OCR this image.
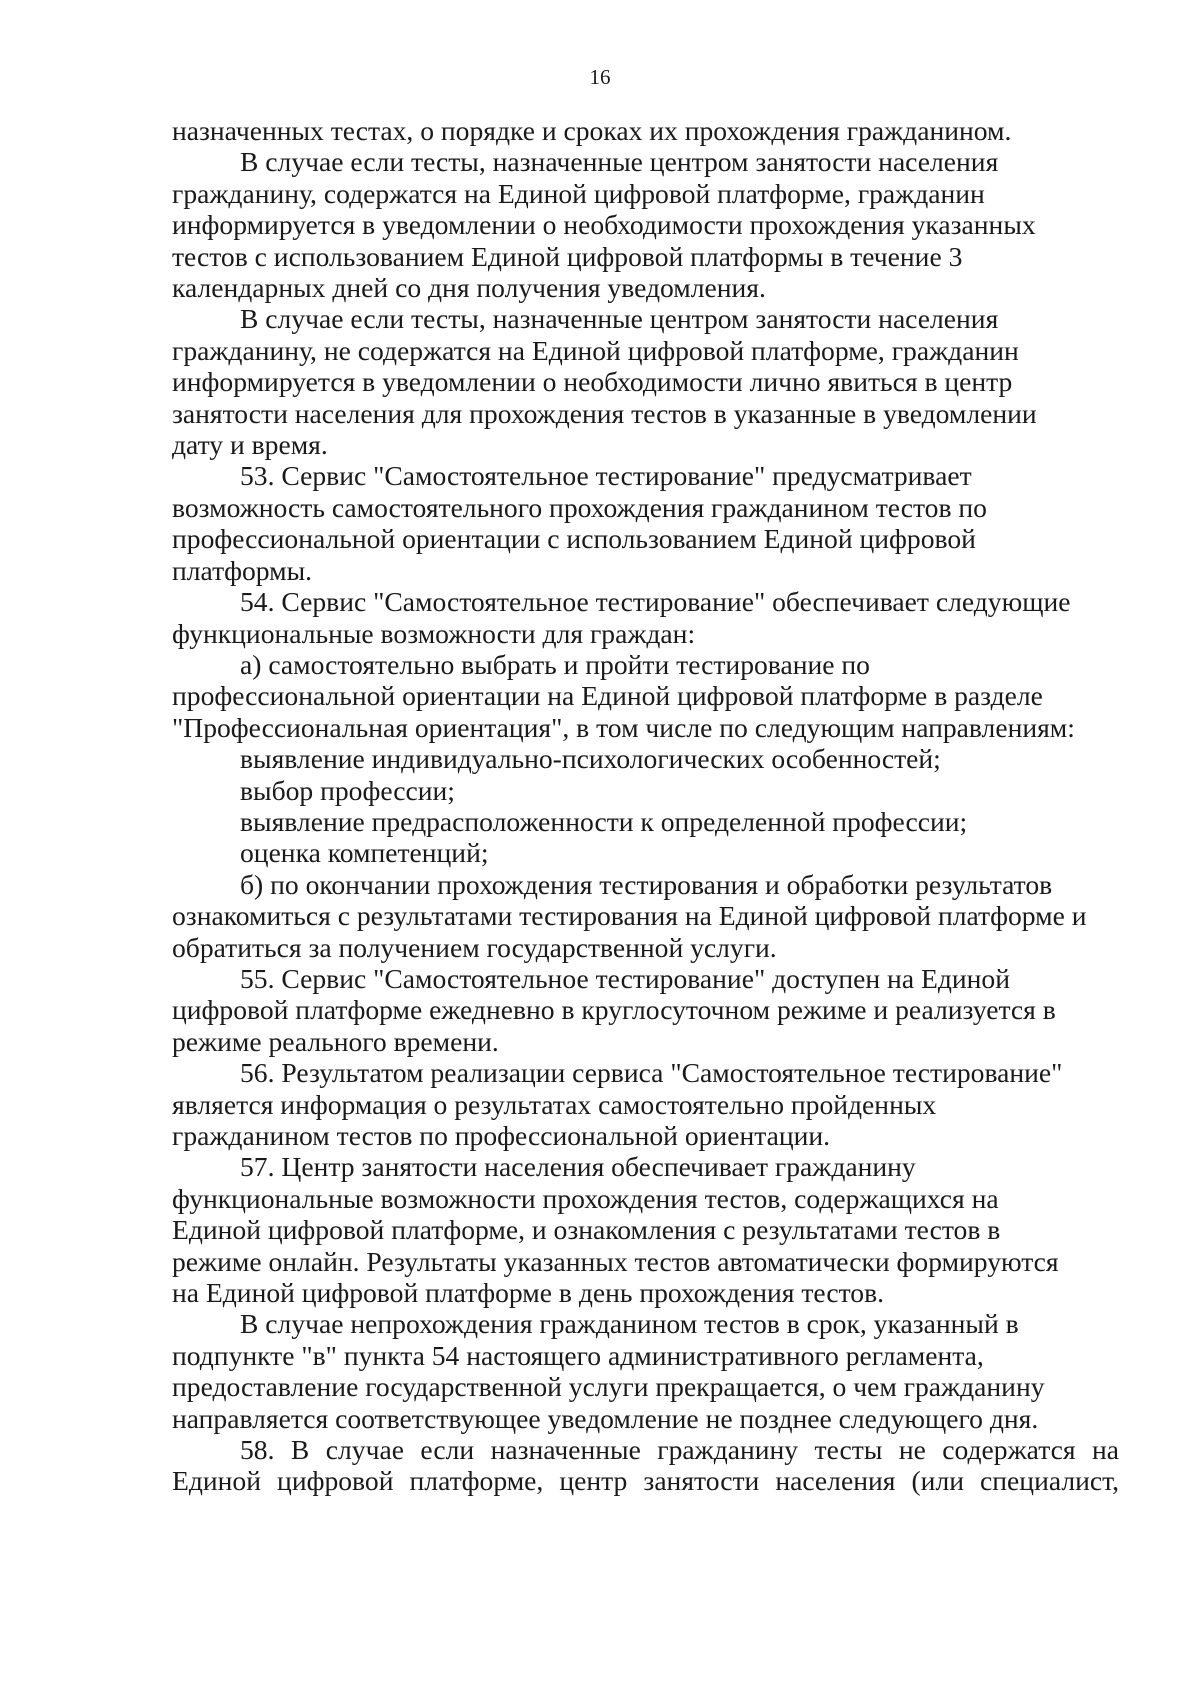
16

назначенных тестах, о порядке и сроках их прохождения гражданином.

В случае если тесты, назначенные центром занятости населения
гражданину, содержатся на Единой цифровой платформе, гражданин
информируется в уведомлении о необходимости прохождения указанных
тестов с использованием Единой цифровой платформы в течение 3
календарных дней со дня получения уведомления.

В случае если тесты, назначенные центром занятости населения
гражданину, не содержатся на Единой цифровой платформе, гражданин
информируется в уведомлении о необходимости лично явиться в центр
занятости населения для прохождения тестов в указанные в уведомлении
дату и время.

53. Сервис "Самостоятельное тестирование" предусматривает
возможность самостоятельного прохождения гражданином тестов по
профессиональной ориентации с использованием Единой цифровой
платформы.

54. Сервис "Самостоятельное тестирование" обеспечивает следующие
функциональные возможности для граждан:

а) самостоятельно выбрать и пройти тестирование по
профессиональной ориентации на Единой цифровой платформе в разделе
"Профессиональная ориентация", в том числе по следующим направлениям:

выявление индивидуально-психологических особенностей;

выбор профессии;

выявление предрасположенности к определенной профессии;

оценка компетенций;

б) по окончании прохождения тестирования и обработки результатов
ознакомиться с результатами тестирования на Единой цифровой платформе и
обратиться за получением государственной услуги.

55. Сервис "Самостоятельное тестирование" доступен на Единой
цифровой платформе ежедневно в круглосуточном режиме и реализуется в
режиме реального времени.

56. Результатом реализации сервиса "Самостоятельное тестирование"
является информация о результатах самостоятельно пройденных
гражданином тестов по профессиональной ориентации.

57. Центр занятости населения обеспечивает гражданину
функциональные возможности прохождения тестов, содержащихся на
Единой цифровой платформе, и ознакомления с результатами тестов в
режиме онлайн. Результаты указанных тестов автоматически формируются
на Единой цифровой платформе в день прохождения тестов.

В случае непрохождения гражданином тестов в срок, указанный в
подпункте "в" пункта 54 настоящего административного регламента,
предоставление государственной услуги прекращается, о чем гражданину
направляется соответствующее уведомление не позднее следующего дня.

58. В случае если назначенные гражданину тесты не содержатся на
Единой цифровой платформе, центр занятости населения (или специалист,
